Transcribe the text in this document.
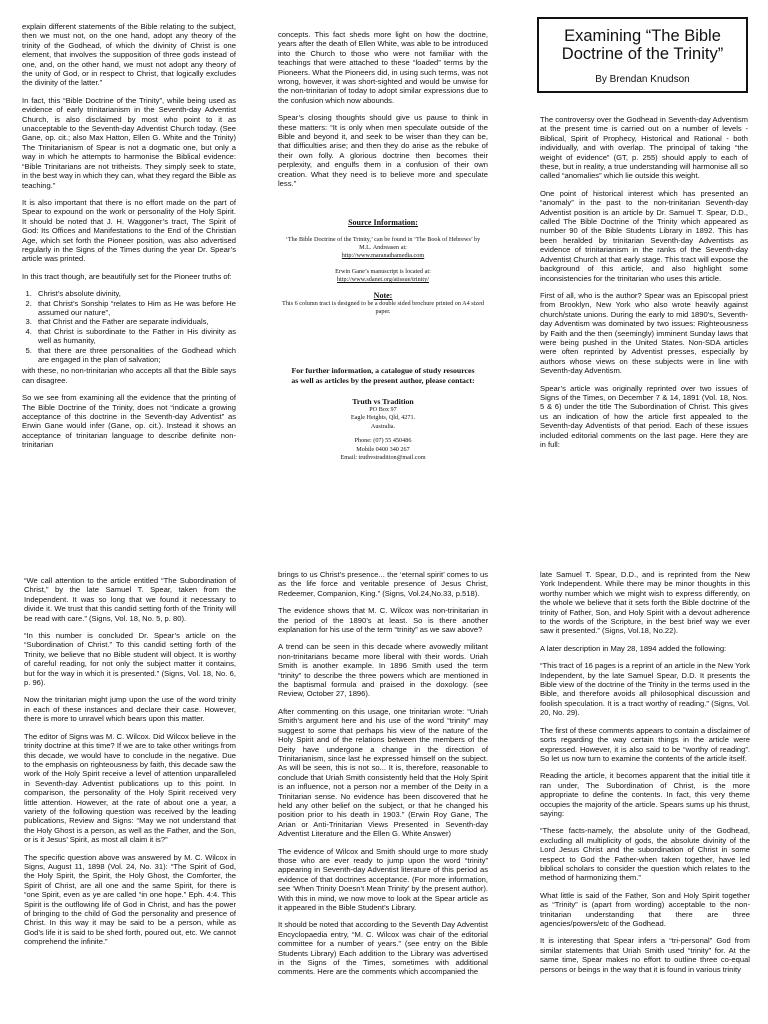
explain different statements of the Bible relating to the subject, then we must not, on the one hand, adopt any theory of the trinity of the Godhead, of which the divinity of Christ is one element, that involves the supposition of three gods instead of one, and, on the other hand, we must not adopt any theory of the unity of God, or in respect to Christ, that logically excludes the divinity of the latter.”

In fact, this “Bible Doctrine of the Trinity”, while being used as evidence of early trinitarianism in the Seventh-day Adventist Church, is also disclaimed by most who point to it as unacceptable to the Seventh-day Adventist Church today. (See Gane, op. cit.; also Max Hatton, Ellen G. White and the Trinity) The Trinitarianism of Spear is not a dogmatic one, but only a way in which he attempts to harmonise the Biblical evidence: “Bible Trinitarians are not tritheists. They simply seek to state, in the best way in which they can, what they regard the Bible as teaching.”

It is also important that there is no effort made on the part of Spear to expound on the work or personality of the Holy Spirit. It should be noted that J. H. Waggoner’s tract, The Spirit of God: Its Offices and Manifestations to the End of the Christian Age, which set forth the Pioneer position, was also advertised regularly in the Signs of the Times during the year Dr. Spear’s article was printed.

In this tract though, are beautifully set for the Pioneer truths of:

1. Christ’s absolute divinity,
2. that Christ’s Sonship “relates to Him as He was before He assumed our nature”,
3. that Christ and the Father are separate individuals,
4. that Christ is subordinate to the Father in His divinity as well as humanity,
5. that there are three personalities of the Godhead which are engaged in the plan of salvation;

with these, no non-trinitarian who accepts all that the Bible says can disagree.

So we see from examining all the evidence that the printing of The Bible Doctrine of the Trinity, does not “indicate a growing acceptance of this doctrine in the Seventh-day Adventist” as Erwin Gane would infer (Gane, op. cit.). Instead it shows an acceptance of trinitarian language to describe definite non-trinitarian

concepts. This fact sheds more light on how the doctrine, years after the death of Ellen White, was able to be introduced into the Church to those who were not familiar with the teachings that were attached to these “loaded” terms by the Pioneers. What the Pioneers did, in using such terms, was not wrong, however, it was short-sighted and would be unwise for the non-trinitarian of today to adopt similar expressions due to the confusion which now abounds.

Spear’s closing thoughts should give us pause to think in these matters: “It is only when men speculate outside of the Bible and beyond it, and seek to be wiser than they can be, that difficulties arise; and then they do arise as the rebuke of their own folly. A glorious doctrine then becomes their perplexity, and engulfs them in a confusion of their own creation. What they need is to believe more and speculate less.”

Source Information:
‘The Bible Doctrine of the Trinity,’ can be found in ‘The Book of Hebrews’ by M.L. Andreasen at:
http://www.maranathamedia.com
Erwin Gane’s manuscript is located at:
http://www.sdanet.org/atissue/trinity/
Note:
This 6 column tract is designed to be a double sided brochure printed on A4 sized paper.
For further information, a catalogue of study resources as well as articles by the present author, please contact:
Truth vs Tradition
PO Box 97
Eagle Heights, Qld, 4271.
Australia.
Phone: (07) 55 450486
Mobile 0400 340 267
Email: truthvstradition@mail.com
Examining “The Bible Doctrine of the Trinity”
By Brendan Knudson

The controversy over the Godhead in Seventh-day Adventism at the present time is carried out on a number of levels - Biblical, Spirit of Prophecy, Historical and Rational - both individually, and with overlap. The principal of taking “the weight of evidence” (GT, p. 255) should apply to each of these, but in reality, a true understanding will harmonise all so called “anomalies” which lie outside this weight.

One point of historical interest which has presented an “anomaly” in the past to the non-trinitarian Seventh-day Adventist position is an article by Dr. Samuel T. Spear, D.D., called The Bible Doctrine of the Trinity which appeared as number 90 of the Bible Students Library in 1892. This has been heralded by trinitarian Seventh-day Adventists as evidence of trinitarianism in the ranks of the Seventh-day Adventist Church at that early stage. This tract will expose the background of this article, and also highlight some inconsistencies for the trinitarian who uses this article.

First of all, who is the author? Spear was an Episcopal priest from Brooklyn, New York who also wrote heavily against church/state unions. During the early to mid 1890’s, Seventh-day Adventism was dominated by two issues: Righteousness by Faith and the then (seemingly) imminent Sunday laws that were being pushed in the United States. Non-SDA articles were often reprinted by Adventist presses, especially by authors whose views on these subjects were in line with Seventh-day Adventism.

Spear’s article was originally reprinted over two issues of Signs of the Times, on December 7 & 14, 1891 (Vol. 18, Nos. 5 & 6) under the title The Subordination of Christ. This gives us an indication of how the article first appealed to the Seventh-day Adventists of that period. Each of these issues included editorial comments on the last page. Here they are in full:

“We call attention to the article entitled “The Subordination of Christ,” by the late Samuel T. Spear, taken from the Independent. It was so long that we found it necessary to divide it. We trust that this candid setting forth of the Trinity will be read with care.” (Signs, Vol. 18, No. 5, p. 80).

“In this number is concluded Dr. Spear’s article on the “Subordination of Christ.” To this candid setting forth of the Trinity, we believe that no Bible student will object. It is worthy of careful reading, for not only the subject matter it contains, but for the way in which it is presented.” (Signs, Vol. 18, No. 6, p. 96).

Now the trinitarian might jump upon the use of the word trinity in each of these instances and declare their case. However, there is more to unravel which bears upon this matter.

The editor of Signs was M. C. Wilcox. Did Wilcox believe in the trinity doctrine at this time? If we are to take other writings from this decade, we would have to conclude in the negative. Due to the emphasis on righteousness by faith, this decade saw the work of the Holy Spirit receive a level of attention unparalleled in Seventh-day Adventist publications up to this point. In comparison, the personality of the Holy Spirit received very little attention. However, at the rate of about one a year, a variety of the following question was received by the leading publications, Review and Signs: “May we not understand that the Holy Ghost is a person, as well as the Father, and the Son, or is it Jesus’ Spirit, as most all claim it is?”

The specific question above was answered by M. C. Wilcox in Signs, August 11, 1898 (Vol. 24, No. 31): “The Spirit of God, the Holy Spirit, the Spirit, the Holy Ghost, the Comforter, the Spirit of Christ, are all one and the same Spirit, for there is “one Spirit, even as ye are called “in one hope.” Eph. 4:4. This Spirit is the outflowing life of God in Christ, and has the power of bringing to the child of God the personality and presence of Christ. In this way it may be said to be a person, while as God’s life it is said to be shed forth, poured out, etc. We cannot comprehend the infinite.”

brings to us Christ’s presence... the ‘eternal spirit’ comes to us as the life force and veritable presence of Jesus Christ, Redeemer, Companion, King.” (Signs, Vol.24,No.33, p.518).

The evidence shows that M. C. Wilcox was non-trinitarian in the period of the 1890’s at least. So is there another explanation for his use of the term “trinity” as we saw above?

A trend can be seen in this decade where avowedly militant non-trinitarians became more liberal with their words. Uriah Smith is another example. In 1896 Smith used the term “trinity” to describe the three powers which are mentioned in the baptismal formula and praised in the doxology. (see Review, October 27, 1896).

After commenting on this usage, one trinitarian wrote: “Uriah Smith’s argument here and his use of the word “trinity” may suggest to some that perhaps his view of the nature of the Holy Spirit and of the relations between the members of the Deity have undergone a change in the direction of Trinitarianism, since last he expressed himself on the subject. As will be seen, this is not so... It is, therefore, reasonable to conclude that Uriah Smith consistently held that the Holy Spirit is an influence, not a person nor a member of the Deity in a Trinitarian sense. No evidence has been discovered that he held any other belief on the subject, or that he changed his position prior to his death in 1903.” (Erwin Roy Gane, The Arian or Anti-Trinitarian Views Presented in Seventh-day Adventist Literature and the Ellen G. White Answer)

The evidence of Wilcox and Smith should urge to more study those who are ever ready to jump upon the word “trinity” appearing in Seventh-day Adventist literature of this period as evidence of that doctrines acceptance. (For more information, see ‘When Trinity Doesn’t Mean Trinity’ by the present author). With this in mind, we now move to look at the Spear article as it appeared in the Bible Student’s Library.

It should be noted that according to the Seventh Day Adventist Encyclopaedia entry, “M. C. Wilcox was chair of the editorial committee for a number of years.” (see entry on the Bible Students Library) Each addition to the Library was advertised in the Signs of the Times, sometimes with additional comments. Here are the comments which accompanied the

late Samuel T. Spear, D.D., and is reprinted from the New York Independent. While there may be minor thoughts in this worthy number which we might wish to express differently, on the whole we believe that it sets forth the Bible doctrine of the trinity of Father, Son, and Holy Spirit with a devout adherence to the words of the Scripture, in the best brief way we ever saw it presented.” (Signs, Vol.18, No.22).

A later description in May 28, 1894 added the following:

“This tract of 16 pages is a reprint of an article in the New York Independent, by the late Samuel Spear, D.D. It presents the Bible view of the doctrine of the Trinity in the terms used in the Bible, and therefore avoids all philosophical discussion and foolish speculation. It is a tract worthy of reading.” (Signs, Vol. 20, No. 29).

The first of these comments appears to contain a disclaimer of sorts regarding the way certain things in the article were expressed. However, it is also said to be “worthy of reading”. So let us now turn to examine the contents of the article itself.

Reading the article, it becomes apparent that the initial title it ran under, The Subordination of Christ, is the more appropriate to define the contents. In fact, this very theme occupies the majority of the article. Spears sums up his thrust, saying:

“These facts-namely, the absolute unity of the Godhead, excluding all multiplicity of gods, the absolute divinity of the Lord Jesus Christ and the subordination of Christ in some respect to God the Father-when taken together, have led biblical scholars to consider the question which relates to the method of harmonizing them.”

What little is said of the Father, Son and Holy Spirit together as “Trinity” is (apart from wording) acceptable to the non-trinitarian understanding that there are three agencies/powers/etc of the Godhead.

It is interesting that Spear infers a “tri-personal” God from similar statements that Uriah Smith used “trinity” for. At the same time, Spear makes no effort to outline three co-equal persons or beings in the way that it is found in various trinity
